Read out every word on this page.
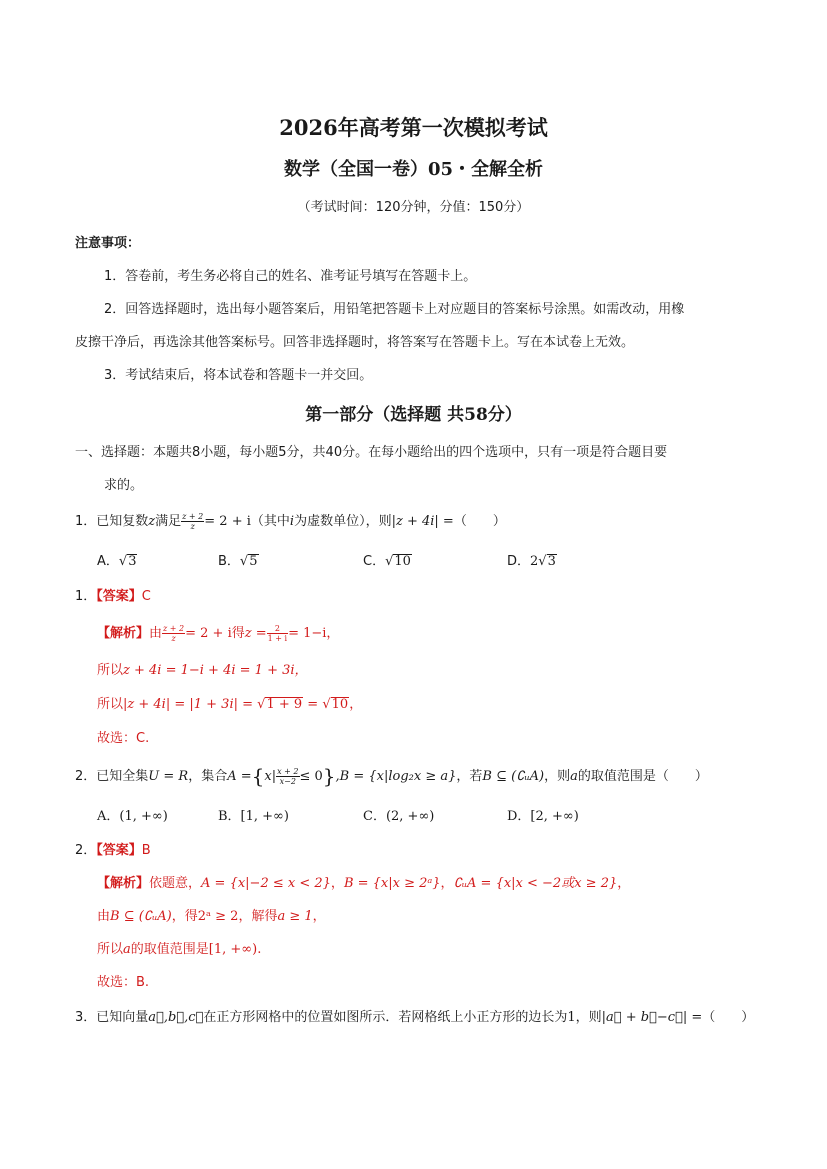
2026年高考第一次模拟考试
数学（全国一卷）05・全解全析
（考试时间：120分钟，分值：150分）
注意事项：
1．答卷前，考生务必将自己的姓名、准考证号填写在答题卡上。
2．回答选择题时，选出每小题答案后，用铅笔把答题卡上对应题目的答案标号涂黑。如需改动，用橡
皮擦干净后，再选涂其他答案标号。回答非选择题时，将答案写在答题卡上。写在本试卷上无效。
3．考试结束后，将本试卷和答题卡一并交回。
第一部分（选择题 共58分）
一、选择题：本题共8小题，每小题5分，共40分。在每小题给出的四个选项中，只有一项是符合题目要
求的。
1．已知复数z满足 $\frac{z + 2}{z} = 2 + i$（其中i为虚数单位），则|z + 4i| =（　　）
A．√3	B．√5	C．√10	D．2√3
1．【答案】C
【解析】由 $\frac{z + 2}{z} = 2 + i$得$z = \frac{2}{1 + i} = 1-i$，
所以z + 4i = 1−i + 4i = 1 + 3i，
所以|z + 4i| = |1 + 3i| = √1 + 9 = √10，
故选：C.
2．已知全集U = R，集合$A =\{x| \frac{x + 2}{x-2} \le 0\},B = \{x|\log_2x \ge a\}$，若B ⊆ (∁ᵤA)，则a的取值范围是（　　）
A．(1, +∞)	B．[1, +∞)	C．(2, +∞)	D．[2, +∞)
2．【答案】B
【解析】依题意，A = {x|−2 ≤ x < 2}，B = {x|x ≥ 2ᵃ}，∁ᵤA = {x|x < −2或x ≥ 2}，
由B ⊆ (∁ᵤA)，得2ᵃ ≥ 2，解得a ≥ 1，
所以a的取值范围是[1, +∞).
故选：B.
3．已知向量a⃗,b⃗,c⃗在正方形网格中的位置如图所示．若网格纸上小正方形的边长为1，则|a⃗ + b⃗−c⃗| =（　　）
